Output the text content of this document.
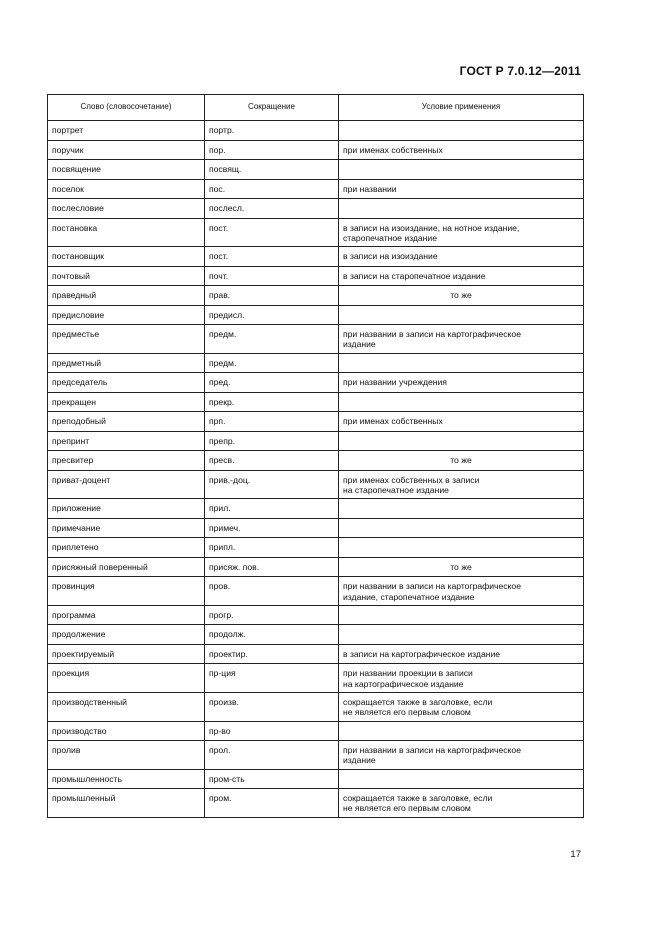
ГОСТ Р 7.0.12—2011
Слово (словосочетание)	Сокращение	Условие применения
портрет	портр.	
поручик	пор.	при именах собственных
посвящение	посвящ.	
поселок	пос.	при названии
послесловие	послесл.	
постановка	пост.	в записи на изоиздание, на нотное издание,
старопечатное издание
постановщик	пост.	в записи на изоиздание
почтовый	почт.	в записи на старопечатное издание
праведный	прав.	то же
предисловие	предисл.	
предместье	предм.	при названии в записи на картографическое
издание
предметный	предм.	
председатель	пред.	при названии учреждения
прекращен	прекр.	
преподобный	прп.	при именах собственных
препринт	препр.	
пресвитер	пресв.	то же
приват-доцент	прив.-доц.	при именах собственных в записи
на старопечатное издание
приложение	прил.	
примечание	примеч.	
приплетено	припл.	
присяжный поверенный	присяж. пов.	то же
провинция	пров.	при названии в записи на картографическое
издание, старопечатное издание
программа	прогр.	
продолжение	продолж.	
проектируемый	проектир.	в записи на картографическое издание
проекция	пр-ция	при названии проекции в записи
на картографическое издание
производственный	произв.	сокращается также в заголовке, если
не является его первым словом
производство	пр-во	
пролив	прол.	при названии в записи на картографическое
издание
промышленность	пром-сть	
промышленный	пром.	сокращается также в заголовке, если
не является его первым словом
17
